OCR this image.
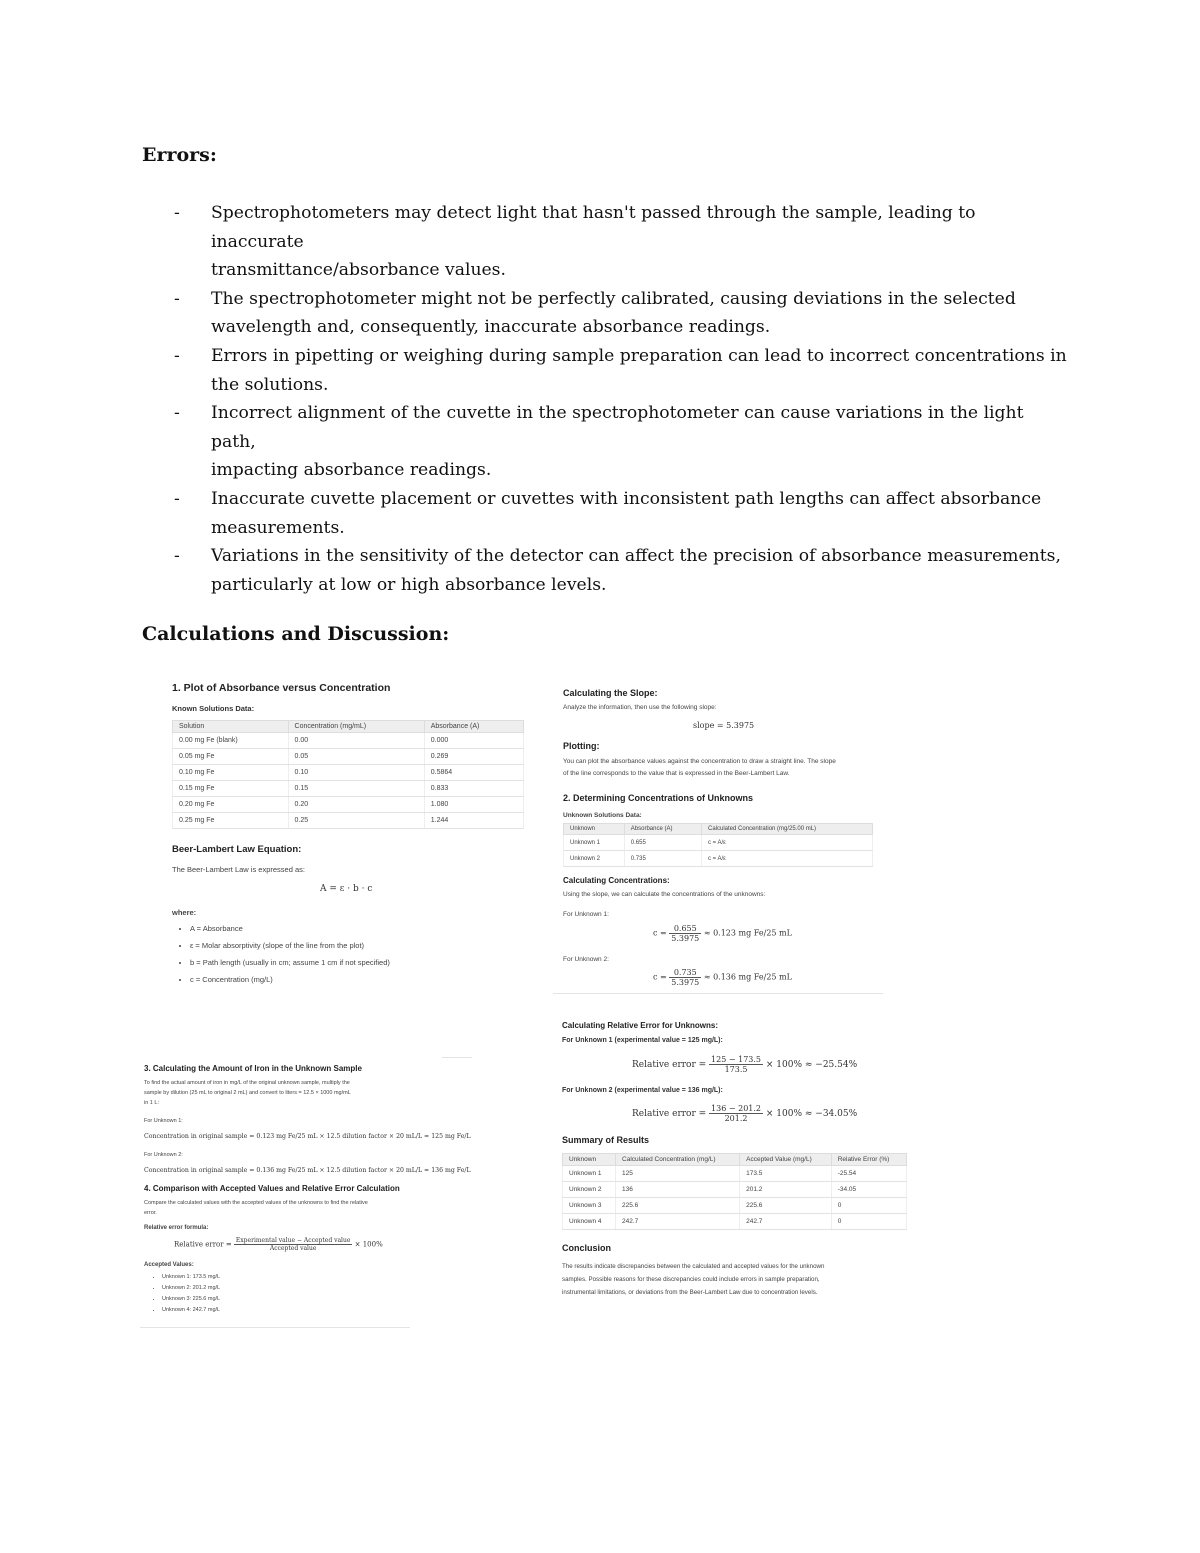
Errors:
- Spectrophotometers may detect light that hasn't passed through the sample, leading to inaccurate
transmittance/absorbance values.
- The spectrophotometer might not be perfectly calibrated, causing deviations in the selected
wavelength and, consequently, inaccurate absorbance readings.
- Errors in pipetting or weighing during sample preparation can lead to incorrect concentrations in
the solutions.
- Incorrect alignment of the cuvette in the spectrophotometer can cause variations in the light path,
impacting absorbance readings.
- Inaccurate cuvette placement or cuvettes with inconsistent path lengths can affect absorbance
measurements.
- Variations in the sensitivity of the detector can affect the precision of absorbance measurements,
particularly at low or high absorbance levels.
Calculations and Discussion:
1. Plot of Absorbance versus Concentration
Known Solutions Data:
Solution	Concentration (mg/mL)	Absorbance (A)
0.00 mg Fe (blank)	0.00	0.000
0.05 mg Fe	0.05	0.269
0.10 mg Fe	0.10	0.5864
0.15 mg Fe	0.15	0.833
0.20 mg Fe	0.20	1.080
0.25 mg Fe	0.25	1.244
Beer-Lambert Law Equation:
The Beer-Lambert Law is expressed as:
A = ε · b · c
where:
• A = Absorbance
• ε = Molar absorptivity (slope of the line from the plot)
• b = Path length (usually in cm; assume 1 cm if not specified)
• c = Concentration (mg/L)
Calculating the Slope:
Analyze the information, then use the following slope:
slope = 5.3975
Plotting:
You can plot the absorbance values against the concentration to draw a straight line. The slope
of the line corresponds to the value that is expressed in the Beer-Lambert Law.
2. Determining Concentrations of Unknowns
Unknown Solutions Data:
Unknown	Absorbance (A)	Calculated Concentration (mg/25.00 mL)
Unknown 1	0.655	c = A/ε
Unknown 2	0.735	c = A/ε
Calculating Concentrations:
Using the slope, we can calculate the concentrations of the unknowns:
For Unknown 1:
$c = \frac{0.655}{5.3975} \approx 0.123$ mg Fe/25 mL
For Unknown 2:
$c = \frac{0.735}{5.3975} \approx 0.136$ mg Fe/25 mL
3. Calculating the Amount of Iron in the Unknown Sample
To find the actual amount of iron in mg/L of the original unknown sample, multiply the
sample by dilution (25 mL to original 2 mL) and convert to liters = 12.5 × 1000 mg/mL
in 1 L:
For Unknown 1:
Concentration in original sample = 0.123 mg Fe/25 mL × 12.5 dilution factor × 20 mL/L ≈ 125 mg Fe/L
For Unknown 2:
Concentration in original sample = 0.136 mg Fe/25 mL × 12.5 dilution factor × 20 mL/L ≈ 136 mg Fe/L
4. Comparison with Accepted Values and Relative Error Calculation
Compare the calculated values with the accepted values of the unknowns to find the relative
error.
Relative error formula:
Relative error = $\frac{\text{Experimental value − Accepted value}}{\text{Accepted value}} \times 100\%$
Accepted Values:
• Unknown 1: 173.5 mg/L
• Unknown 2: 201.2 mg/L
• Unknown 3: 225.6 mg/L
• Unknown 4: 242.7 mg/L
Calculating Relative Error for Unknowns:
For Unknown 1 (experimental value = 125 mg/L):
Relative error = $\frac{125 - 173.5}{173.5} \times 100\% \approx -25.54\%$
For Unknown 2 (experimental value = 136 mg/L):
Relative error = $\frac{136 - 201.2}{201.2} \times 100\% \approx -34.05\%$
Summary of Results
Unknown	Calculated Concentration (mg/L)	Accepted Value (mg/L)	Relative Error (%)
Unknown 1	125	173.5	-25.54
Unknown 2	136	201.2	-34.05
Unknown 3	225.6	225.6	0
Unknown 4	242.7	242.7	0
Conclusion
The results indicate discrepancies between the calculated and accepted values for the unknown
samples. Possible reasons for these discrepancies could include errors in sample preparation,
instrumental limitations, or deviations from the Beer-Lambert Law due to concentration levels.
